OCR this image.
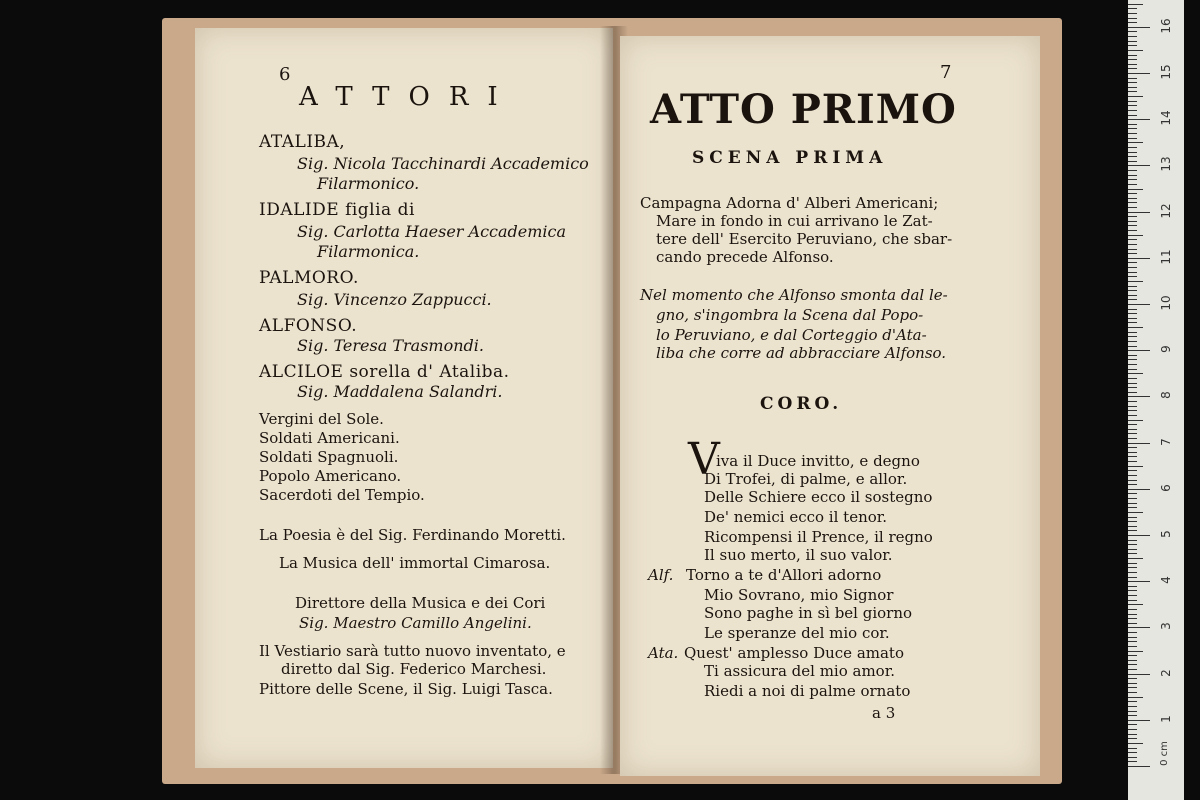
6
ATTORI
ATALIBA,
Sig. Nicola Tacchinardi Accademico
Filarmonico.
IDALIDE figlia di
Sig. Carlotta Haeser Accademica
Filarmonica.
PALMORO.
Sig. Vincenzo Zappucci.
ALFONSO.
Sig. Teresa Trasmondi.
ALCILOE sorella d' Ataliba.
Sig. Maddalena Salandri.
Vergini del Sole.
Soldati Americani.
Soldati Spagnuoli.
Popolo Americano.
Sacerdoti del Tempio.
La Poesia è del Sig. Ferdinando Moretti.
La Musica dell' immortal Cimarosa.
Direttore della Musica e dei Cori
Sig. Maestro Camillo Angelini.
Il Vestiario sarà tutto nuovo inventato, e
diretto dal Sig. Federico Marchesi.
Pittore delle Scene, il Sig. Luigi Tasca.
7
ATTO PRIMO
SCENA PRIMA
Campagna Adorna d' Alberi Americani;
Mare in fondo in cui arrivano le Zat-
tere dell' Esercito Peruviano, che sbar-
cando precede Alfonso.
Nel momento che Alfonso smonta dal le-
gno, s'ingombra la Scena dal Popo-
lo Peruviano, e dal Corteggio d'Ata-
liba che corre ad abbracciare Alfonso.
CORO.
V
iva il Duce invitto, e degno
Di Trofei, di palme, e allor.
Delle Schiere ecco il sostegno
De' nemici ecco il tenor.
Ricompensi il Prence, il regno
Il suo merto, il suo valor.
Alf. Torno a te d'Allori adorno
Mio Sovrano, mio Signor
Sono paghe in sì bel giorno
Le speranze del mio cor.
Ata. Quest' amplesso Duce amato
Ti assicura del mio amor.
Riedi a noi di palme ornato
a 3	1
2
3
4
5
6
7
8
9
10
11
12
13
14
15
16
0 cm
